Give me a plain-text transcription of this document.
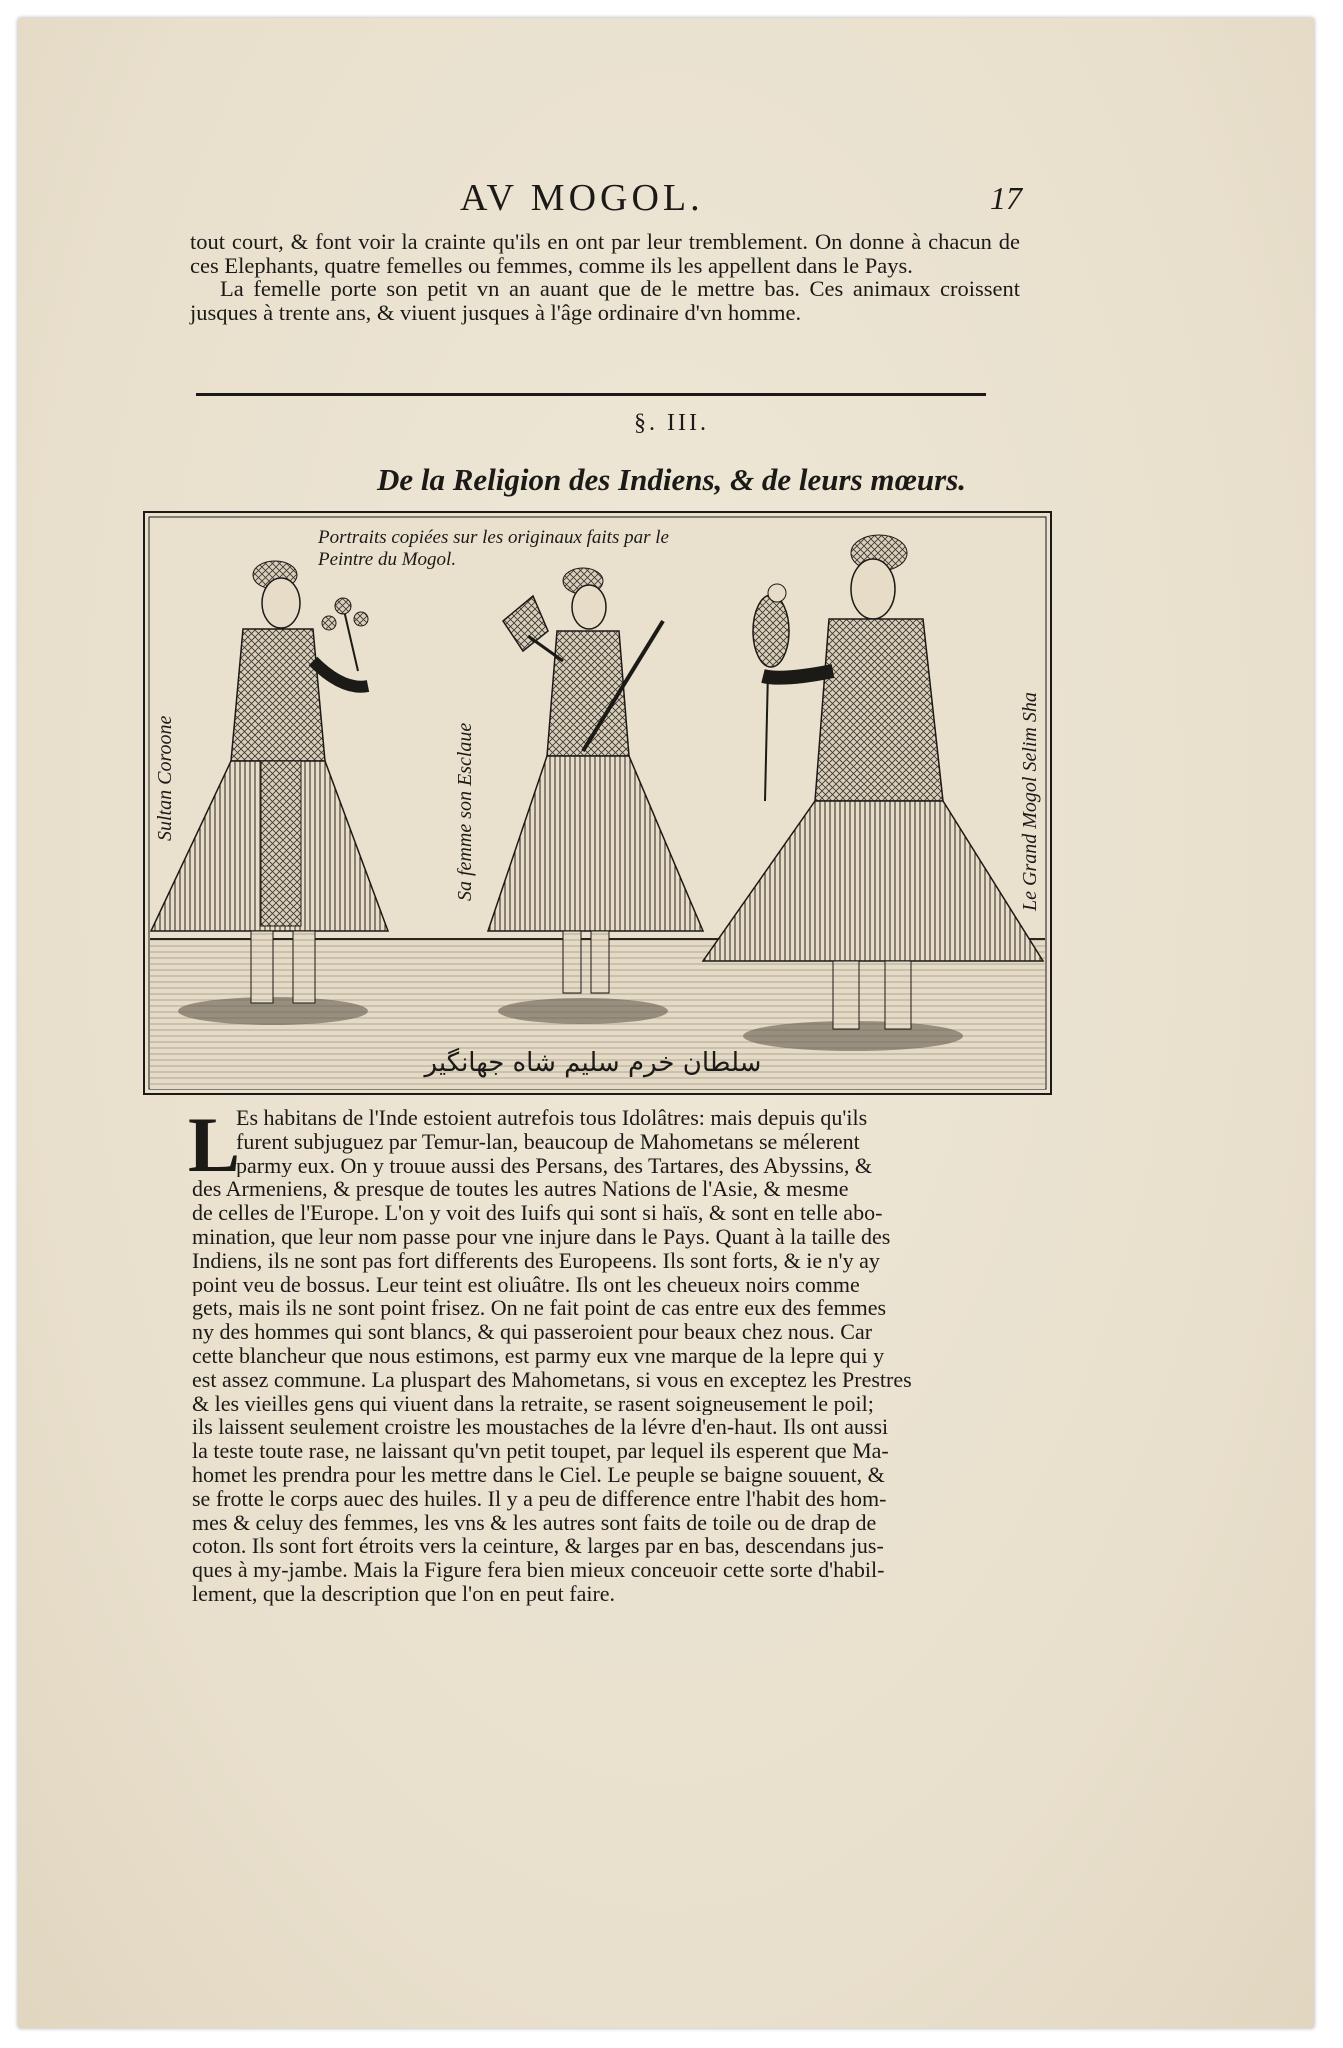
AV MOGOL.	17

tout court, & font voir la crainte qu'ils en ont par leur tremblement. On donne à chacun de ces Elephants, quatre femelles ou femmes, comme ils les appellent dans le Pays.

La femelle porte son petit vn an auant que de le mettre bas. Ces animaux croissent jusques à trente ans, & viuent jusques à l'âge ordinaire d'vn homme.

§. III.
De la Religion des Indiens, & de leurs mœurs.
Portraits copiées sur les originaux faits par le
Peintre du Mogol.
Sultan Coroone	Sa femme son Esclaue	Le Grand Mogol Selim Sha
ﺳﻠﻄﺎﻥ ﺧﺮﻡ ﺳﻠﻴﻢ ﺷﺎﻩ ﺟﻬﺎﻧﮕﻴﺮ
L
Es habitans de l'Inde estoient autrefois tous Idolâtres: mais depuis qu'ils
furent subjuguez par Temur-lan, beaucoup de Mahometans se mélerent
parmy eux. On y trouue aussi des Persans, des Tartares, des Abyssins, &
des Armeniens, & presque de toutes les autres Nations de l'Asie, & mesme
de celles de l'Europe. L'on y voit des Iuifs qui sont si haïs, & sont en telle abo-
mination, que leur nom passe pour vne injure dans le Pays. Quant à la taille des
Indiens, ils ne sont pas fort differents des Europeens. Ils sont forts, & ie n'y ay
point veu de bossus. Leur teint est oliuâtre. Ils ont les cheueux noirs comme
gets, mais ils ne sont point frisez. On ne fait point de cas entre eux des femmes
ny des hommes qui sont blancs, & qui passeroient pour beaux chez nous. Car
cette blancheur que nous estimons, est parmy eux vne marque de la lepre qui y
est assez commune. La pluspart des Mahometans, si vous en exceptez les Prestres
& les vieilles gens qui viuent dans la retraite, se rasent soigneusement le poil;
ils laissent seulement croistre les moustaches de la lévre d'en-haut. Ils ont aussi
la teste toute rase, ne laissant qu'vn petit toupet, par lequel ils esperent que Ma-
homet les prendra pour les mettre dans le Ciel. Le peuple se baigne souuent, &
se frotte le corps auec des huiles. Il y a peu de difference entre l'habit des hom-
mes & celuy des femmes, les vns & les autres sont faits de toile ou de drap de
coton. Ils sont fort étroits vers la ceinture, & larges par en bas, descendans jus-
ques à my-jambe. Mais la Figure fera bien mieux conceuoir cette sorte d'habil-
lement, que la description que l'on en peut faire.
